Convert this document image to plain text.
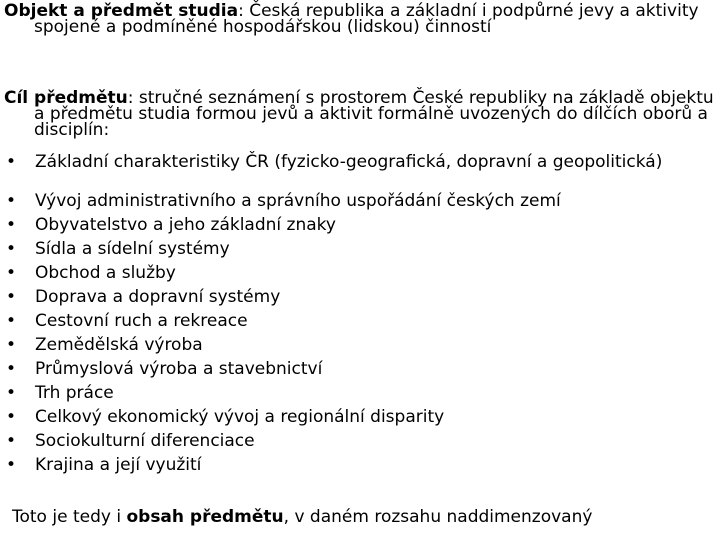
Objekt a předmět studia: Česká republika a základní i podpůrné jevy a aktivity spojené a podmíněné hospodářskou (lidskou) činností
Cíl předmětu: stručné seznámení s prostorem České republiky na základě objektu a předmětu studia formou jevů a aktivit formálně uvozených do dílčích oborů a disciplín:
• Základní charakteristiky ČR (fyzicko-geografická, dopravní a geopolitická)
• Vývoj administrativního a správního uspořádání českých zemí
• Obyvatelstvo a jeho základní znaky
• Sídla a sídelní systémy
• Obchod a služby
• Doprava a dopravní systémy
• Cestovní ruch a rekreace
• Zemědělská výroba
• Průmyslová výroba a stavebnictví
• Trh práce
• Celkový ekonomický vývoj a regionální disparity
• Sociokulturní diferenciace
• Krajina a její využití
Toto je tedy i obsah předmětu, v daném rozsahu naddimenzovaný
